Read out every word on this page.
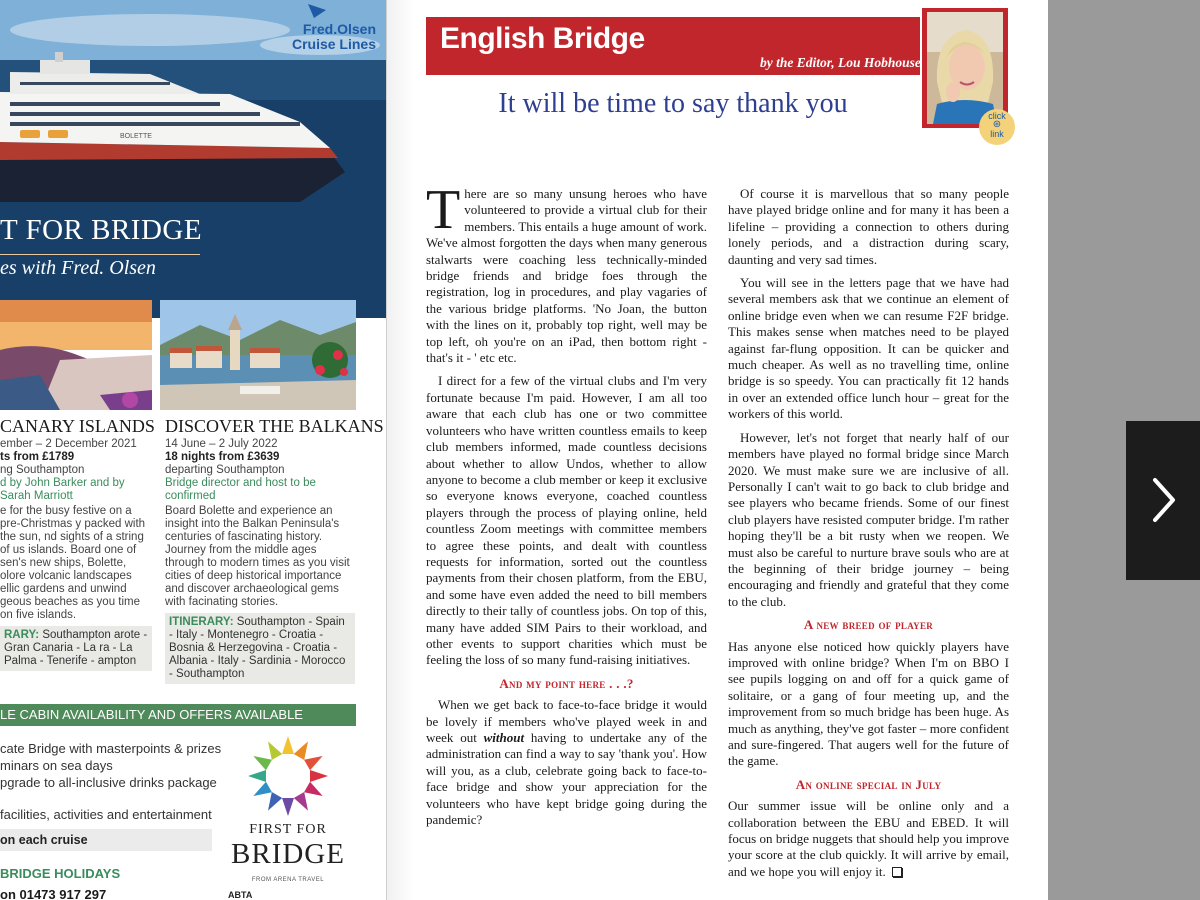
Fred.Olsen
Cruise Lines
BOLETTE
T FOR BRIDGE
es with Fred. Olsen
CANARY ISLANDS
ember – 2 December 2021
ts from £1789
ng Southampton
d by John Barker and by Sarah Marriott
e for the busy festive on a pre-Christmas y packed with the sun, nd sights of a string of us islands. Board one of sen's new ships, Bolette, olore volcanic landscapes ellic gardens and unwind geous beaches as you time on five islands.
RARY: Southampton arote - Gran Canaria - La ra - La Palma - Tenerife - ampton
DISCOVER THE BALKANS
14 June – 2 July 2022
18 nights from £3639
departing Southampton
Bridge director and host to be confirmed
Board Bolette and experience an insight into the Balkan Peninsula's centuries of fascinating history. Journey from the middle ages through to modern times as you visit cities of deep historical importance and discover archaeological gems with facinating stories.
ITINERARY: Southampton - Spain - Italy - Montenegro - Croatia - Bosnia & Herzegovina - Croatia - Albania - Italy - Sardinia - Morocco - Southampton
LE CABIN AVAILABILITY AND OFFERS AVAILABLE
cate Bridge with masterpoints & prizes
minars on sea days
pgrade to all-inclusive drinks package
facilities, activities and entertainment
on each cruise
BRIDGE HOLIDAYS
on 01473 917 297
FIRST FOR
BRIDGE
FROM ARENA TRAVEL
ABTA
English Bridge
by the Editor, Lou Hobhouse
click
⊛
link
It will be time to say thank you

There are so many unsung heroes who have volunteered to provide a virtual club for their members. This entails a huge amount of work. We've almost forgotten the days when many generous stalwarts were coaching less technically-minded bridge friends and bridge foes through the registration, log in procedures, and play vagaries of the various bridge platforms. 'No Joan, the button with the lines on it, probably top right, well may be top left, oh you're on an iPad, then bottom right - that's it - ' etc etc.

I direct for a few of the virtual clubs and I'm very fortunate because I'm paid. However, I am all too aware that each club has one or two committee volunteers who have written countless emails to keep club members informed, made countless decisions about whether to allow Undos, whether to allow anyone to become a club member or keep it exclusive so everyone knows everyone, coached countless players through the process of playing online, held countless Zoom meetings with committee members to agree these points, and dealt with countless requests for information, sorted out the countless payments from their chosen platform, from the EBU, and some have even added the need to bill members directly to their tally of countless jobs. On top of this, many have added SIM Pairs to their workload, and other events to support charities which must be feeling the loss of so many fund-raising initiatives.

And my point here . . .?

When we get back to face-to-face bridge it would be lovely if members who've played week in and week out without having to undertake any of the administration can find a way to say 'thank you'. How will you, as a club, celebrate going back to face-to-face bridge and show your appreciation for the volunteers who have kept bridge going during the pandemic?

Of course it is marvellous that so many people have played bridge online and for many it has been a lifeline – providing a connection to others during lonely periods, and a distraction during scary, daunting and very sad times.

You will see in the letters page that we have had several members ask that we continue an element of online bridge even when we can resume F2F bridge. This makes sense when matches need to be played against far-flung opposition. It can be quicker and much cheaper. As well as no travelling time, online bridge is so speedy. You can practically fit 12 hands in over an extended office lunch hour – great for the workers of this world.

However, let's not forget that nearly half of our members have played no formal bridge since March 2020. We must make sure we are inclusive of all. Personally I can't wait to go back to club bridge and see players who became friends. Some of our finest club players have resisted computer bridge. I'm rather hoping they'll be a bit rusty when we reopen. We must also be careful to nurture brave souls who are at the beginning of their bridge journey – being encouraging and friendly and grateful that they come to the club.

A new breed of player

Has anyone else noticed how quickly players have improved with online bridge? When I'm on BBO I see pupils logging on and off for a quick game of solitaire, or a gang of four meeting up, and the improvement from so much bridge has been huge. As much as anything, they've got faster – more confident and sure-fingered. That augers well for the future of the game.

An online special in July

Our summer issue will be online only and a collaboration between the EBU and EBED. It will focus on bridge nuggets that should help you improve your score at the club quickly. It will arrive by email, and we hope you will enjoy it.
